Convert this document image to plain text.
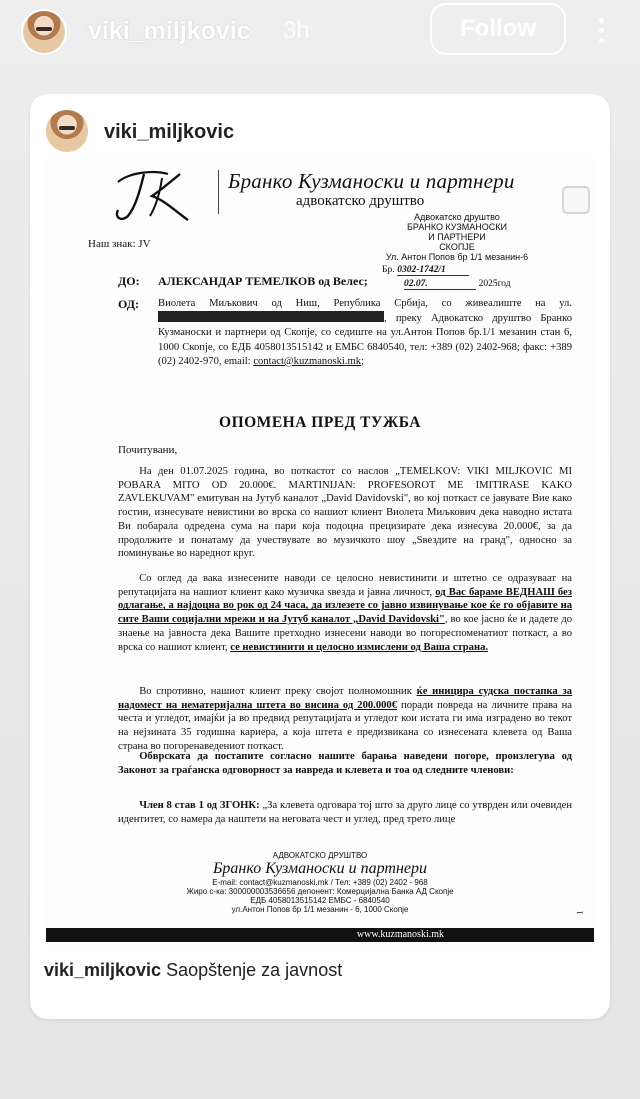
viki_miljkovic 3h	Follow
viki_miljkovic
Бранко Кузманоски и партнери
адвокатско друштво
Адвокатско друштво
БРАНКО КУЗМАНОСКИ
И ПАРТНЕРИ
СКОПЈЕ
Ул. Антон Попов бр 1/1 мезанин-6
Бр. 0302-1742/1
02.07.	2025год
Наш знак: ЈV
ДО: АЛЕКСАНДАР ТЕМЕЛКОВ од Велес;
ОД: Виолета Миљкович од Ниш, Република Србија, со живеалиште на ул. , преку Адвокатско друштво Бранко Кузманоски и партнери од Скопје, со седиште на ул.Антон Попов бр.1/1 мезанин стан 6, 1000 Скопје, со ЕДБ 4058013515142 и ЕМБС 6840540, тел: +389 (02) 2402-968; факс: +389 (02) 2402-970, email: contact@kuzmanoski.mk;
ОПОМЕНА ПРЕД ТУЖБА
Почитувани,

  На ден 01.07.2025 година, во поткастот со наслов „TEMELKOV: VIKI MILJKOVIC MI POBARA MITO OD 20.000€. MARTINIJAN: PROFESOROT ME IMITIRASE KAKO ZAVLEKUVAM" емитуван на Јутуб каналот „David Davidovski", во кој поткаст се јавувате Вие како гостин, изнесувате невистини во врска со нашиот клиент Виолета Миљкович дека наводно истата Ви побарала одредена сума на пари која подоцна прецизирате дека изнесува 20.000€, за да продолжите и понатаму да учествувате во музичкото шоу „Ѕвездите на гранд", односно за поминување во нареднот круг.

  Со оглед да вака изнесените наводи се целосно невистинити и штетно се одразуваат на репутацијата на нашиот клиент како музичка ѕвезда и јавна личност, од Вас бараме ВЕДНАШ без одлагање, а најдоцна во рок од 24 часа, да излезете со јавно извинување кое ќе го објавите на сите Ваши социјални мрежи и на Јутуб каналот „David Davidovski", во кое јасно ќе и дадете до знаење на јавноста дека Вашите претходно изнесени наводи во погореспоменатиот поткаст, а во врска со нашиот клиент, се невистинити и целосно измислени од Ваша страна.

  Во спротивно, нашиот клиент преку својот полномошник ќе иницира судска постапка за надомест на нематеријална штета во висина од 200.000€ поради повреда на личните права на честа и угледот, имајќи ја во предвид репутацијата и угледот кои истата ги има изградено во текот на нејзината 35 годишна кариера, а која штета е предизвикана со изнесената клевета од Ваша страна во погоренаведениот поткаст.

  Обврската да постапите согласно нашите барања наведени погоре, произлегува од Законот за граѓанска одговорност за навреда и клевета и тоа од следните членови:

  Член 8 став 1 од ЗГОНК: „За клевета одговара тој што за друго лице со утврден или очевиден идентитет, со намера да наштети на неговата чест и углед, пред трето лице

АДВОКАТСКО ДРУШТВО
Бранко Кузманоски и партнери
E-mail: contact@kuzmanoski.mk / Тел: +389 (02) 2402 - 968
Жиро с-ка: 300000003536656 депонент: Комерцијална Банка АД Скопје
ЕДБ 4058013515142 ЕМБС - 6840540
ул.Антон Попов бр 1/1 мезанин - 6, 1000 Скопје	1
www.kuzmanoski.mk
viki_miljkovic Saopštenje za javnost
